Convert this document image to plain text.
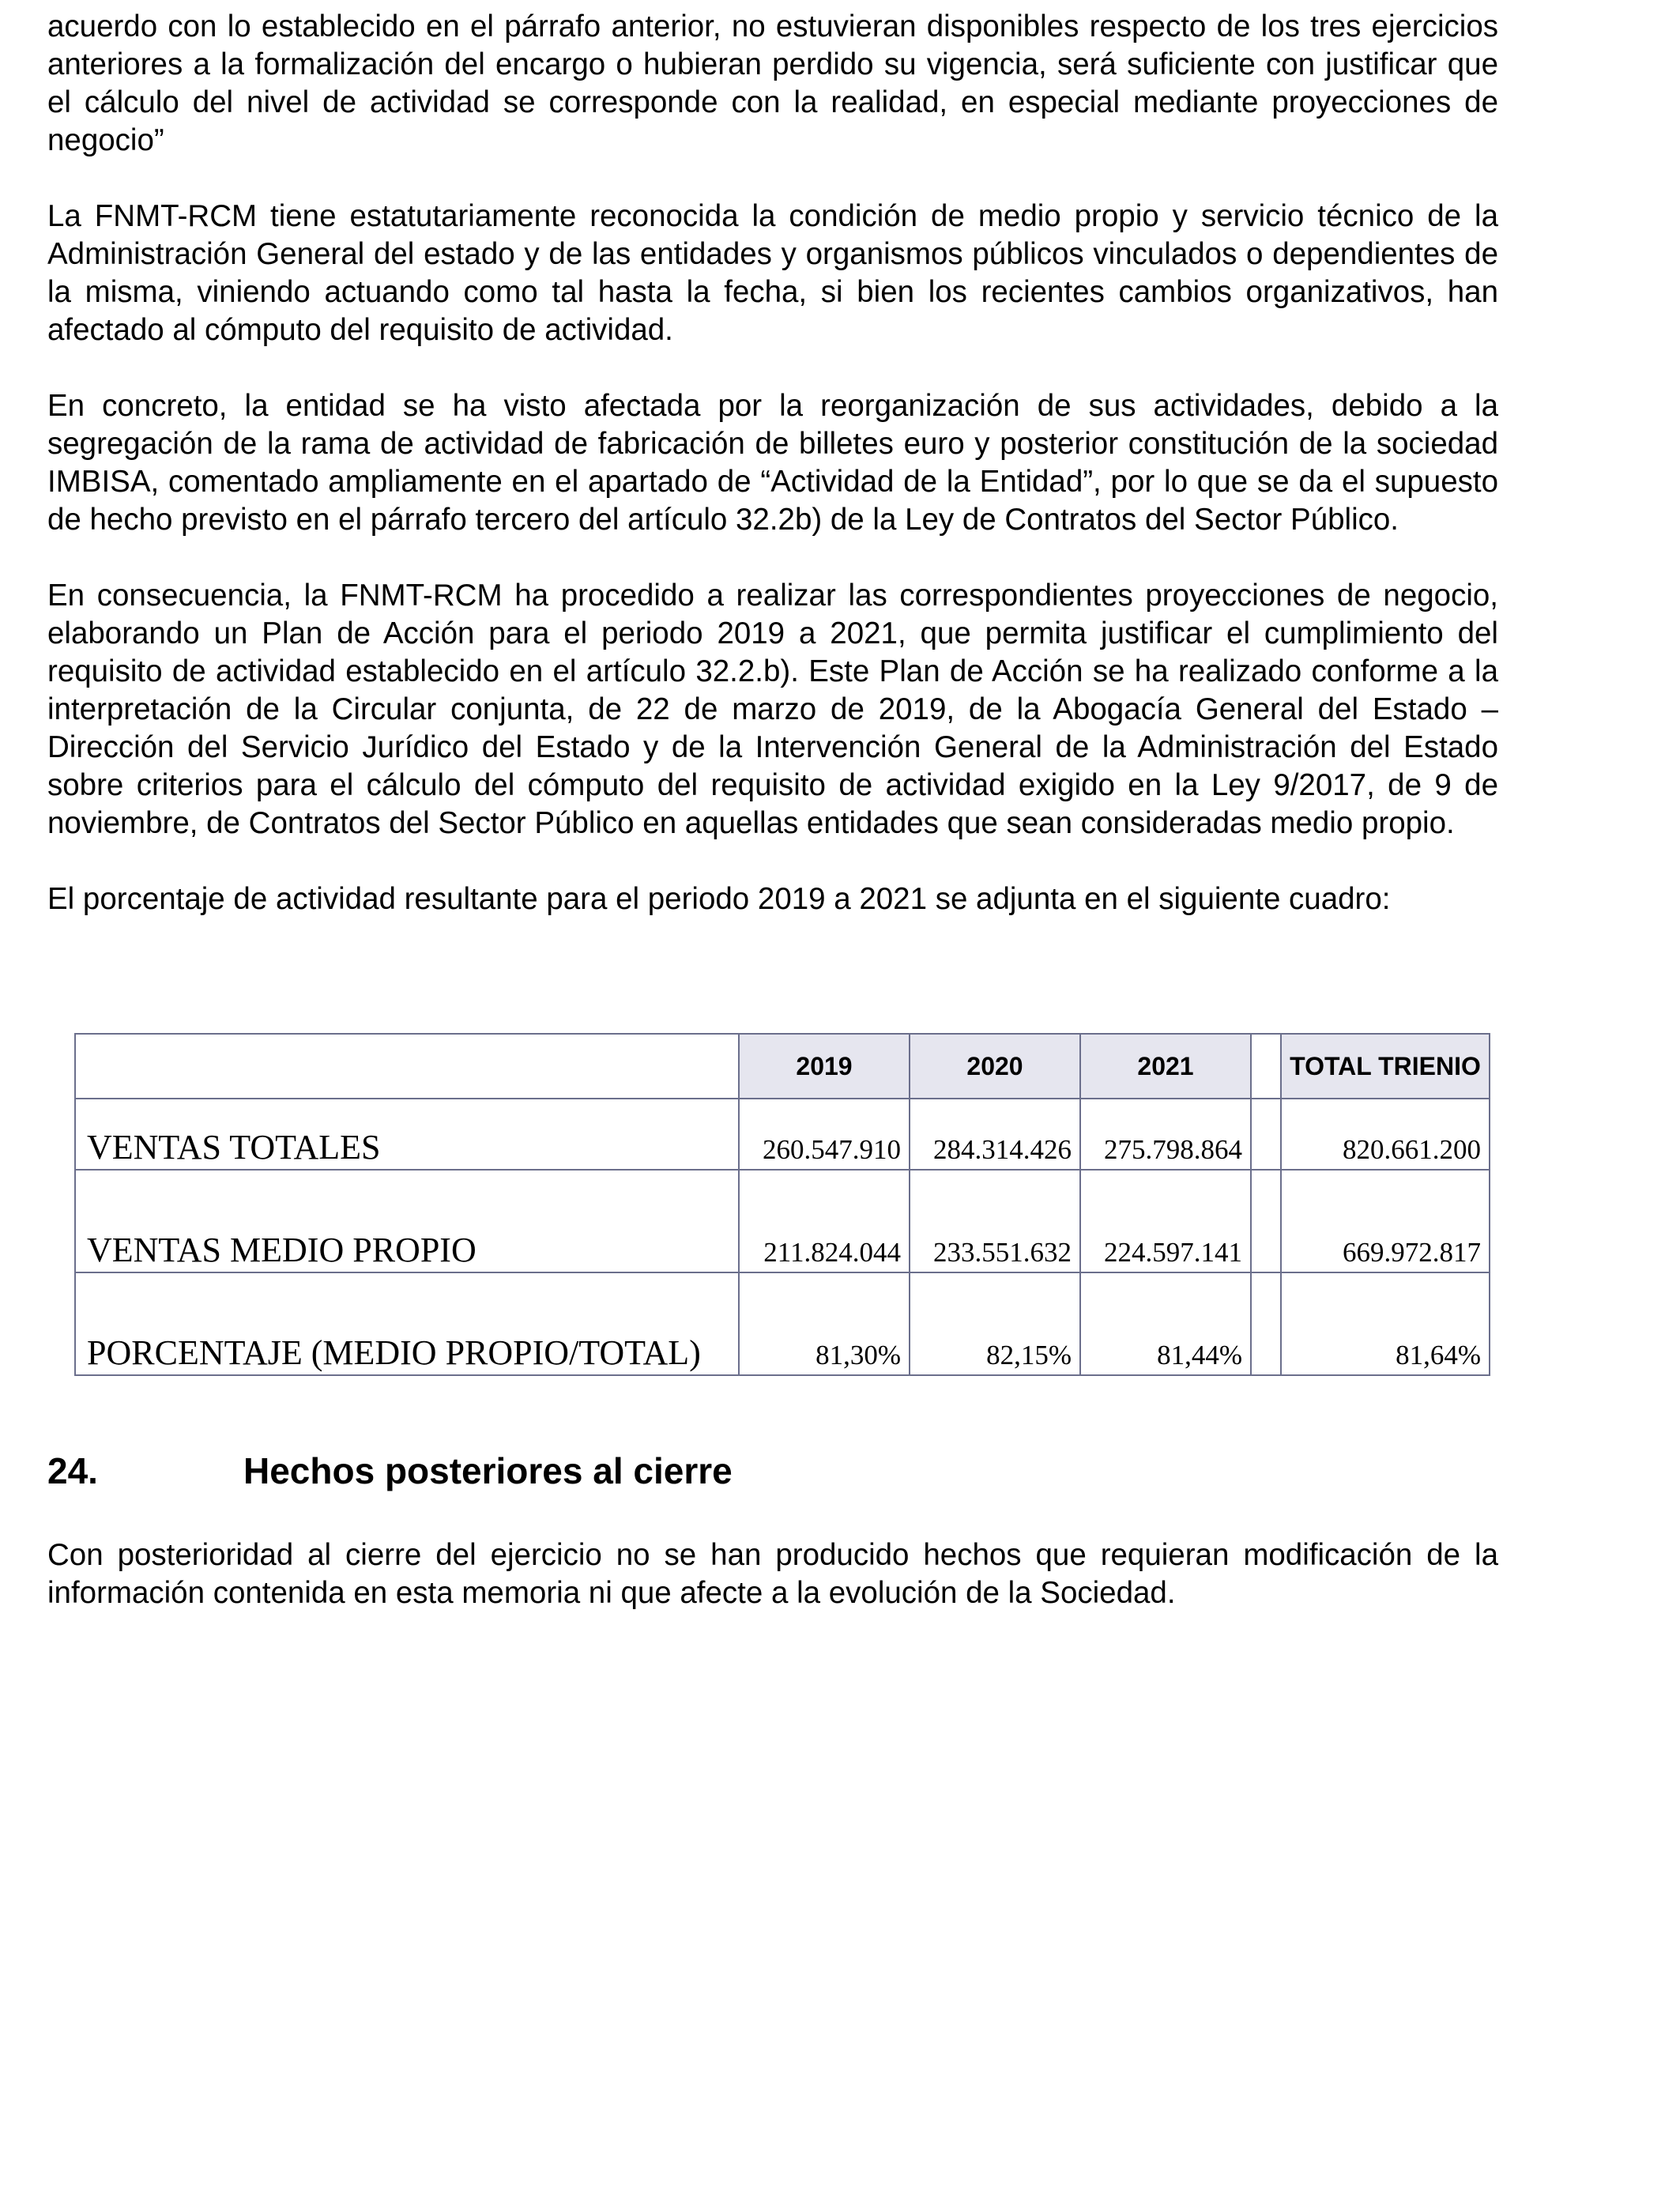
acuerdo con lo establecido en el párrafo anterior, no estuvieran disponibles respecto de los tres ejercicios anteriores a la formalización del encargo o hubieran perdido su vigencia, será suficiente con justificar que el cálculo del nivel de actividad se corresponde con la realidad, en especial mediante proyecciones de negocio”

La FNMT-RCM tiene estatutariamente reconocida la condición de medio propio y servicio técnico de la Administración General del estado y de las entidades y organismos públicos vinculados o dependientes de la misma, viniendo actuando como tal hasta la fecha, si bien los recientes cambios organizativos, han afectado al cómputo del requisito de actividad.

En concreto, la entidad se ha visto afectada por la reorganización de sus actividades, debido a la segregación de la rama de actividad de fabricación de billetes euro y posterior constitución de la sociedad IMBISA, comentado ampliamente en el apartado de “Actividad de la Entidad”, por lo que se da el supuesto de hecho previsto en el párrafo tercero del artículo 32.2b) de la Ley de Contratos del Sector Público.

En consecuencia, la FNMT-RCM ha procedido a realizar las correspondientes proyecciones de negocio, elaborando un Plan de Acción para el periodo 2019 a 2021, que permita justificar el cumplimiento del requisito de actividad establecido en el artículo 32.2.b). Este Plan de Acción se ha realizado conforme a la interpretación de la Circular conjunta, de 22 de marzo de 2019, de la Abogacía General del Estado – Dirección del Servicio Jurídico del Estado y de la Intervención General de la Administración del Estado sobre criterios para el cálculo del cómputo del requisito de actividad exigido en la Ley 9/2017, de 9 de noviembre, de Contratos del Sector Público en aquellas entidades que sean consideradas medio propio.

El porcentaje de actividad resultante para el periodo 2019 a 2021 se adjunta en el siguiente cuadro:

	2019	2020	2021		TOTAL TRIENIO
VENTAS TOTALES	260.547.910	284.314.426	275.798.864		820.661.200
VENTAS MEDIO PROPIO	211.824.044	233.551.632	224.597.141		669.972.817
PORCENTAJE (MEDIO PROPIO/TOTAL)	81,30%	82,15%	81,44%		81,64%
24.	Hechos posteriores al cierre

Con posterioridad al cierre del ejercicio no se han producido hechos que requieran modificación de la información contenida en esta memoria ni que afecte a la evolución de la Sociedad.
